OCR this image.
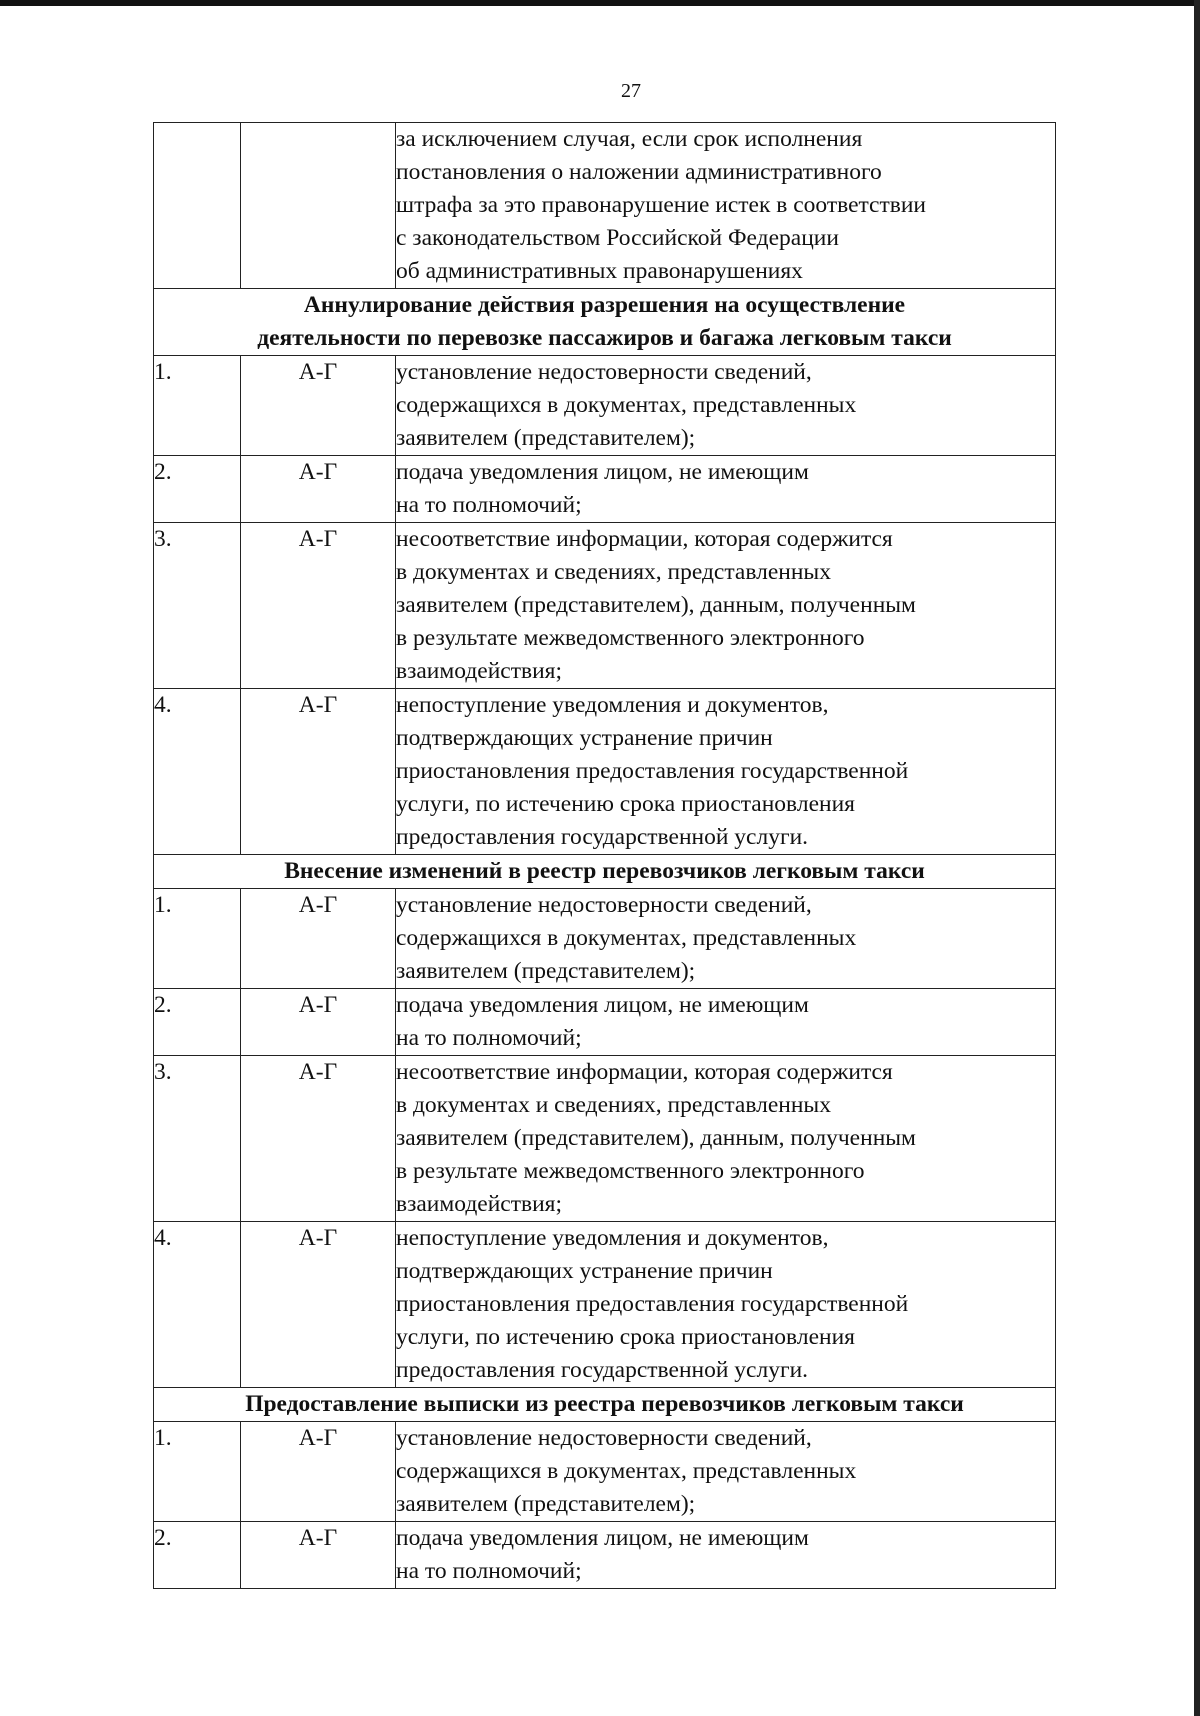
27

		за исключением случая, если срок исполнения
постановления о наложении административного
штрафа за это правонарушение истек в соответствии
с законодательством Российской Федерации
об административных правонарушениях

Аннулирование действия разрешения на осуществление
деятельности по перевозке пассажиров и багажа легковым такси		

1.	А-Г	установление недостоверности сведений,
содержащихся в документах, представленных
заявителем (представителем);

2.	А-Г	подача уведомления лицом, не имеющим
на то полномочий;

3.	А-Г	несоответствие информации, которая содержится
в документах и сведениях, представленных
заявителем (представителем), данным, полученным
в результате межведомственного электронного
взаимодействия;

4.	А-Г	непоступление уведомления и документов,
подтверждающих устранение причин
приостановления предоставления государственной
услуги, по истечению срока приостановления
предоставления государственной услуги.

Внесение изменений в реестр перевозчиков легковым такси		

1.	А-Г	установление недостоверности сведений,
содержащихся в документах, представленных
заявителем (представителем);

2.	А-Г	подача уведомления лицом, не имеющим
на то полномочий;

3.	А-Г	несоответствие информации, которая содержится
в документах и сведениях, представленных
заявителем (представителем), данным, полученным
в результате межведомственного электронного
взаимодействия;

4.	А-Г	непоступление уведомления и документов,
подтверждающих устранение причин
приостановления предоставления государственной
услуги, по истечению срока приостановления
предоставления государственной услуги.

Предоставление выписки из реестра перевозчиков легковым такси		

1.	А-Г	установление недостоверности сведений,
содержащихся в документах, представленных
заявителем (представителем);

2.	А-Г	подача уведомления лицом, не имеющим
на то полномочий;
